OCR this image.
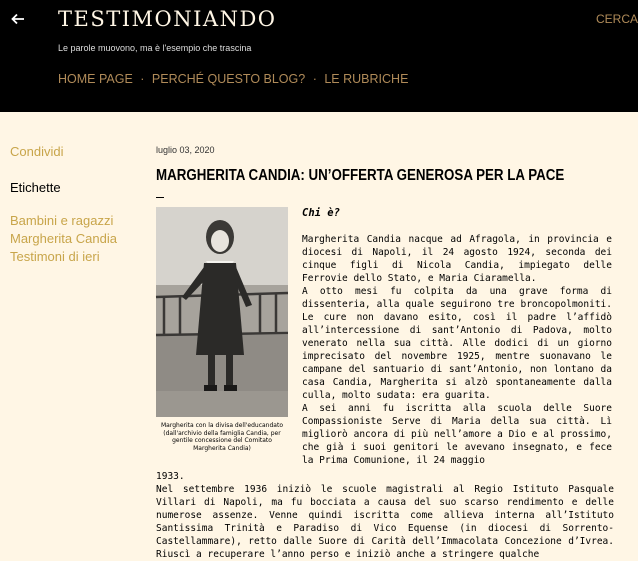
TESTIMONIANDO
Le parole muovono, ma è l'esempio che trascina
HOME PAGE · PERCHÉ QUESTO BLOG? · LE RUBRICHE
CERCA
Condividi
Etichette
Bambini e ragazzi
Margherita Candia
Testimoni di ieri
luglio 03, 2020
MARGHERITA CANDIA: UN’OFFERTA GENEROSA PER LA PACE
Margherita con la divisa dell'educandato (dall'archivio della famiglia Candia, per gentile concessione del Comitato Margherita Candia)
Chi è?

Margherita Candia nacque ad Afragola, in provincia e diocesi di Napoli, il 24 agosto 1924, seconda dei cinque figli di Nicola Candia, impiegato delle Ferrovie dello Stato, e Maria Ciaramella.

A otto mesi fu colpita da una grave forma di dissenteria, alla quale seguirono tre broncopolmoniti. Le cure non davano esito, così il padre l’affidò all’intercessione di sant’Antonio di Padova, molto venerato nella sua città. Alle dodici di un giorno imprecisato del novembre 1925, mentre suonavano le campane del santuario di sant’Antonio, non lontano da casa Candia, Margherita si alzò spontaneamente dalla culla, molto sudata: era guarita.

A sei anni fu iscritta alla scuola delle Suore Compassioniste Serve di Maria della sua città. Lì migliorò ancora di più nell’amore a Dio e al prossimo, che già i suoi genitori le avevano insegnato, e fece la Prima Comunione, il 24 maggio

1933.

Nel settembre 1936 iniziò le scuole magistrali al Regio Istituto Pasquale Villari di Napoli, ma fu bocciata a causa del suo scarso rendimento e delle numerose assenze. Venne quindi iscritta come allieva interna all’Istituto Santissima Trinità e Paradiso di Vico Equense (in diocesi di Sorrento-Castellammare), retto dalle Suore di Carità dell’Immacolata Concezione d’Ivrea. Riuscì a recuperare l’anno perso e iniziò anche a stringere qualche
